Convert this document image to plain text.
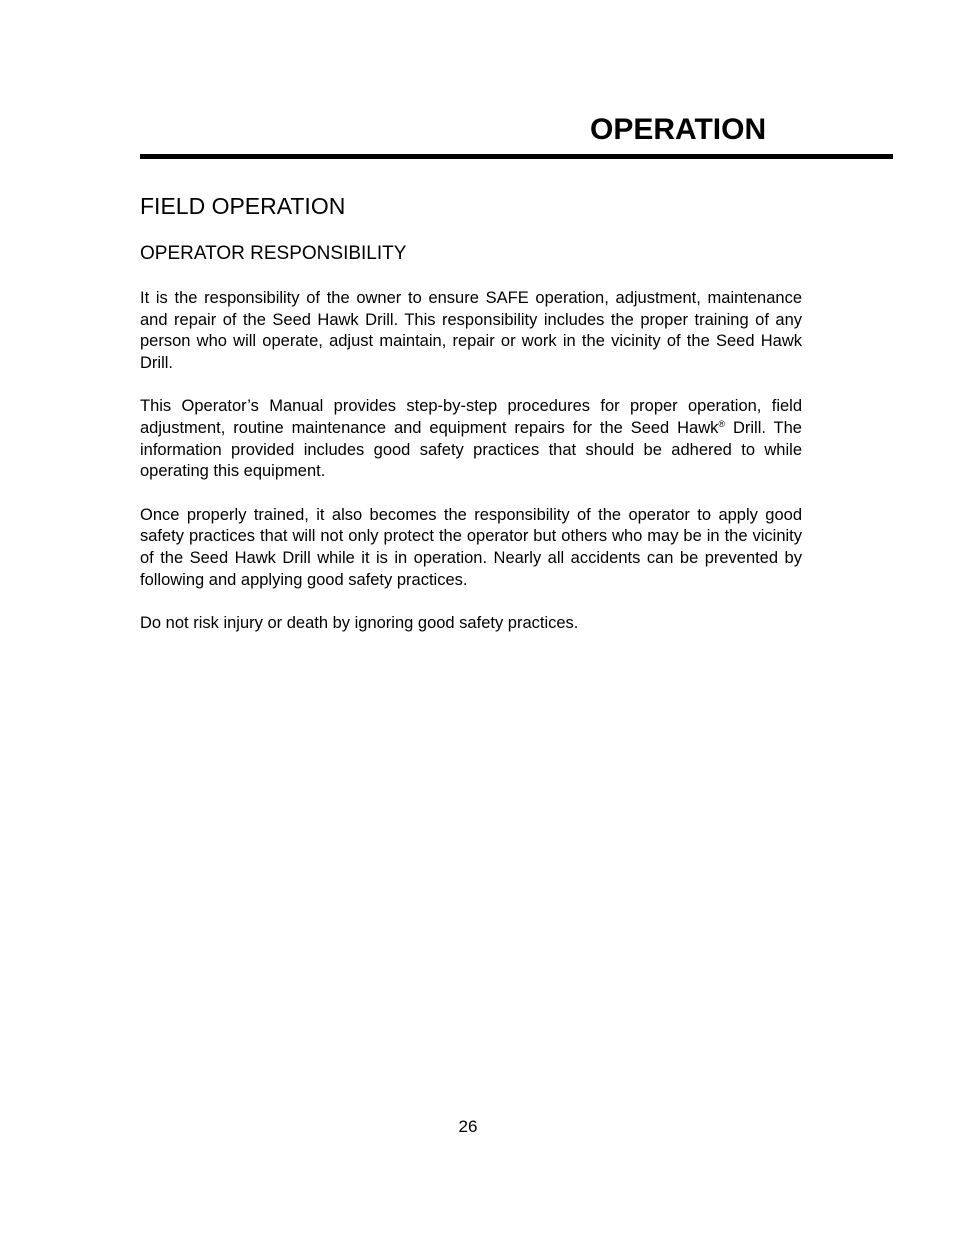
OPERATION
FIELD OPERATION
OPERATOR RESPONSIBILITY

It is the responsibility of the owner to ensure SAFE operation, adjustment, maintenance and repair of the Seed Hawk Drill. This responsibility includes the proper training of any person who will operate, adjust maintain, repair or work in the vicinity of the Seed Hawk Drill.

This Operator’s Manual provides step-by-step procedures for proper operation, field adjustment, routine maintenance and equipment repairs for the Seed Hawk® Drill. The information provided includes good safety practices that should be adhered to while operating this equipment.

Once properly trained, it also becomes the responsibility of the operator to apply good safety practices that will not only protect the operator but others who may be in the vicinity of the Seed Hawk Drill while it is in operation. Nearly all accidents can be prevented by following and applying good safety practices.

Do not risk injury or death by ignoring good safety practices.

26
